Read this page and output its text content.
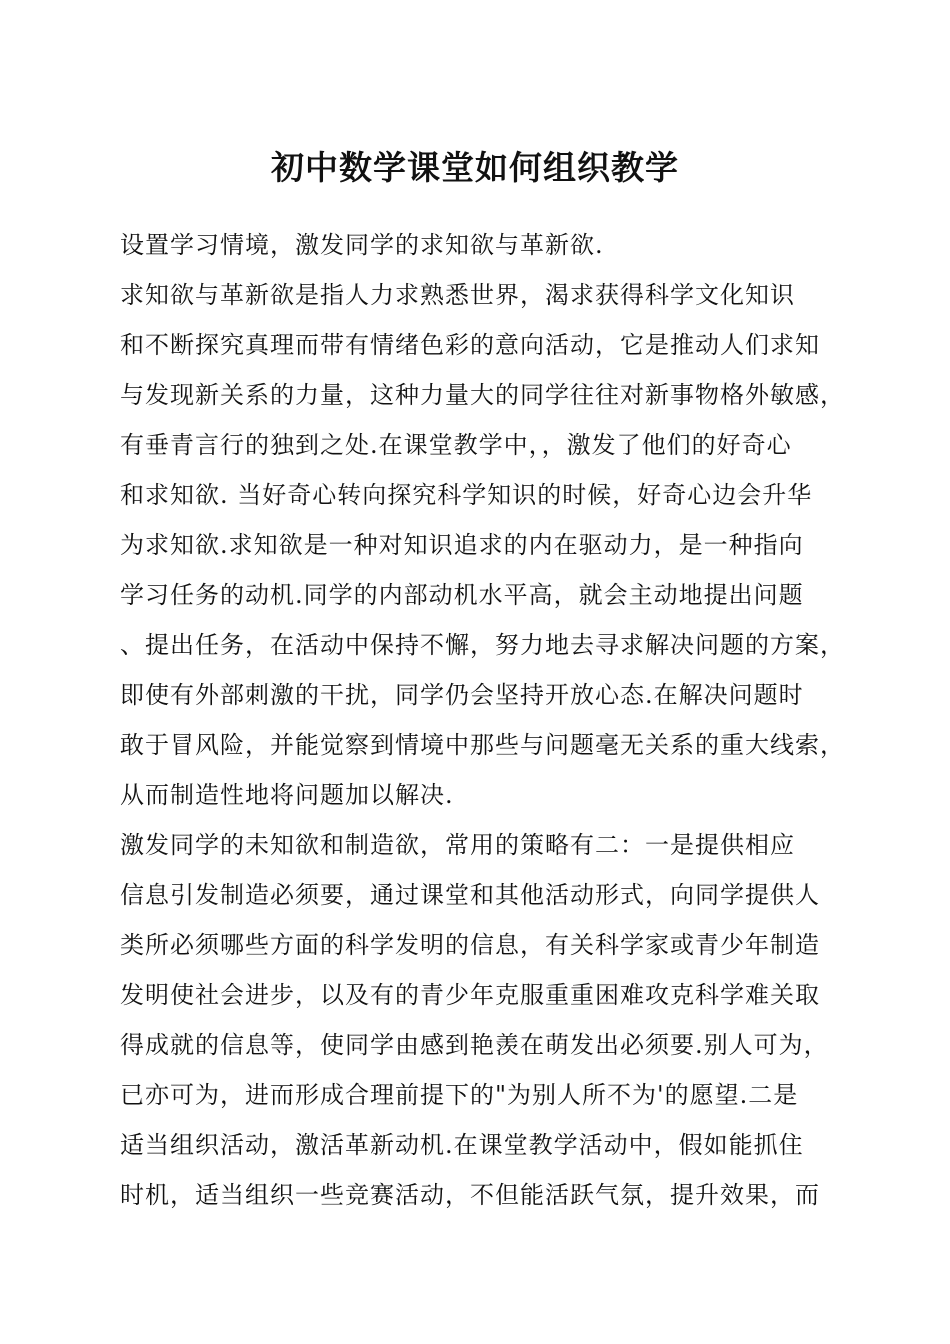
初中数学课堂如何组织教学
设置学习情境，激发同学的求知欲与革新欲.
求知欲与革新欲是指人力求熟悉世界，渴求获得科学文化知识
和不断探究真理而带有情绪色彩的意向活动，它是推动人们求知
与发现新关系的力量，这种力量大的同学往往对新事物格外敏感，
有垂青言行的独到之处.在课堂教学中，，激发了他们的好奇心
和求知欲. 当好奇心转向探究科学知识的时候，好奇心边会升华
为求知欲.求知欲是一种对知识追求的内在驱动力，是一种指向
学习任务的动机.同学的内部动机水平高，就会主动地提出问题
、提出任务，在活动中保持不懈，努力地去寻求解决问题的方案，
即使有外部刺激的干扰，同学仍会坚持开放心态.在解决问题时
敢于冒风险，并能觉察到情境中那些与问题毫无关系的重大线索，
从而制造性地将问题加以解决.
激发同学的未知欲和制造欲，常用的策略有二：一是提供相应
信息引发制造必须要，通过课堂和其他活动形式，向同学提供人
类所必须哪些方面的科学发明的信息，有关科学家或青少年制造
发明使社会进步，以及有的青少年克服重重困难攻克科学难关取
得成就的信息等，使同学由感到艳羡在萌发出必须要.别人可为，
已亦可为，进而形成合理前提下的"为别人所不为'的愿望.二是
适当组织活动，激活革新动机.在课堂教学活动中，假如能抓住
时机，适当组织一些竞赛活动，不但能活跃气氛，提升效果，而
